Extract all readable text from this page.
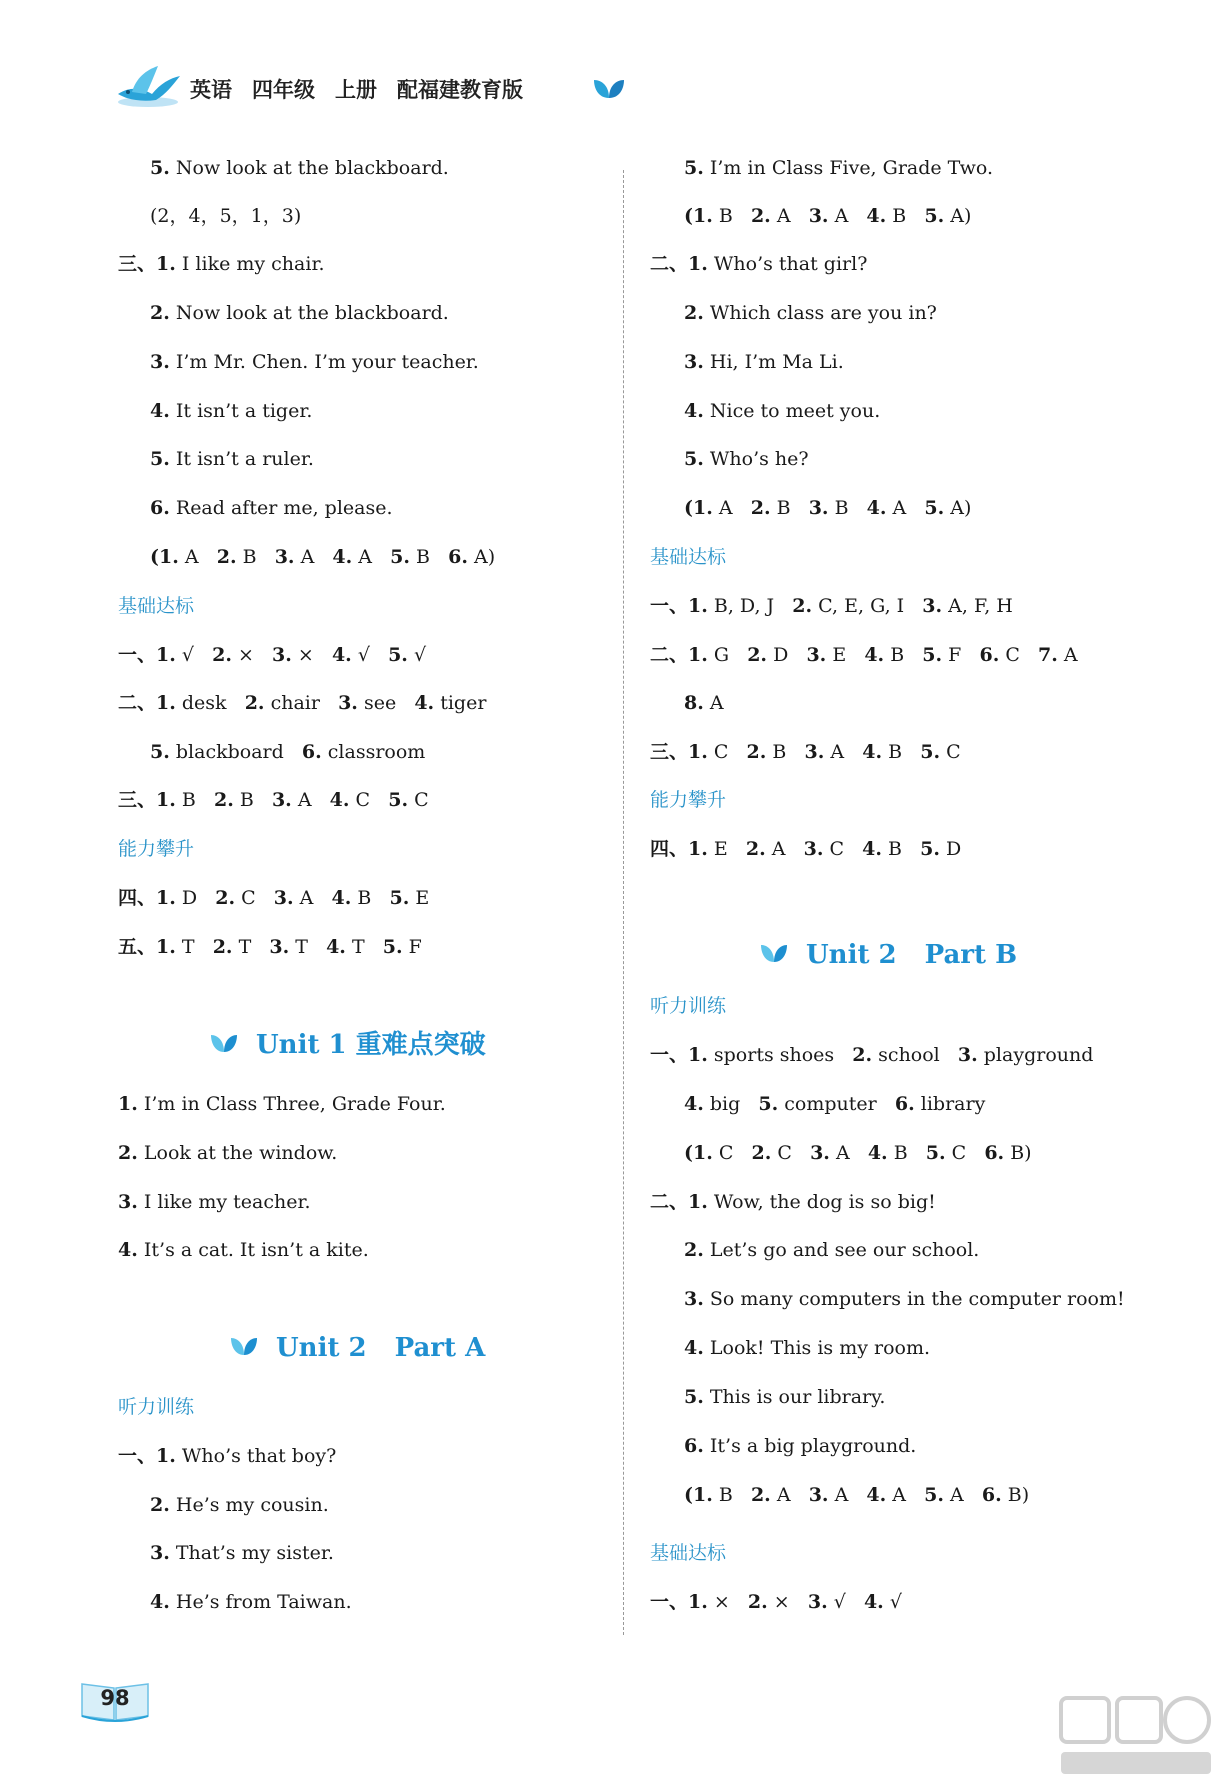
英语 四年级 上册 配福建教育版
5. Now look at the blackboard.
(2，4，5，1，3)
三、1. I like my chair.
2. Now look at the blackboard.
3. I’m Mr. Chen. I’m your teacher.
4. It isn’t a tiger.
5. It isn’t a ruler.
6. Read after me, please.
(1. A   2. B   3. A   4. A   5. B   6. A)
基础达标
一、1. √   2. ×   3. ×   4. √   5. √
二、1. desk   2. chair   3. see   4. tiger
5. blackboard   6. classroom
三、1. B   2. B   3. A   4. C   5. C
能力攀升
四、1. D   2. C   3. A   4. B   5. E
五、1. T   2. T   3. T   4. T   5. F
1. I’m in Class Three, Grade Four.
2. Look at the window.
3. I like my teacher.
4. It’s a cat. It isn’t a kite.
听力训练
一、1. Who’s that boy?
2. He’s my cousin.
3. That’s my sister.
4. He’s from Taiwan.
5. I’m in Class Five, Grade Two.
(1. B   2. A   3. A   4. B   5. A)
二、1. Who’s that girl?
2. Which class are you in?
3. Hi, I’m Ma Li.
4. Nice to meet you.
5. Who’s he?
(1. A   2. B   3. B   4. A   5. A)
基础达标
一、1. B, D, J   2. C, E, G, I   3. A, F, H
二、1. G   2. D   3. E   4. B   5. F   6. C   7. A
8. A
三、1. C   2. B   3. A   4. B   5. C
能力攀升
四、1. E   2. A   3. C   4. B   5. D
听力训练
一、1. sports shoes   2. school   3. playground
4. big   5. computer   6. library
(1. C   2. C   3. A   4. B   5. C   6. B)
二、1. Wow, the dog is so big!
2. Let’s go and see our school.
3. So many computers in the computer room!
4. Look! This is my room.
5. This is our library.
6. It’s a big playground.
(1. B   2. A   3. A   4. A   5. A   6. B)
基础达标
一、1. ×   2. ×   3. √   4. √
Unit 1 重难点突破
Unit 2 Part A
Unit 2 Part B
98
